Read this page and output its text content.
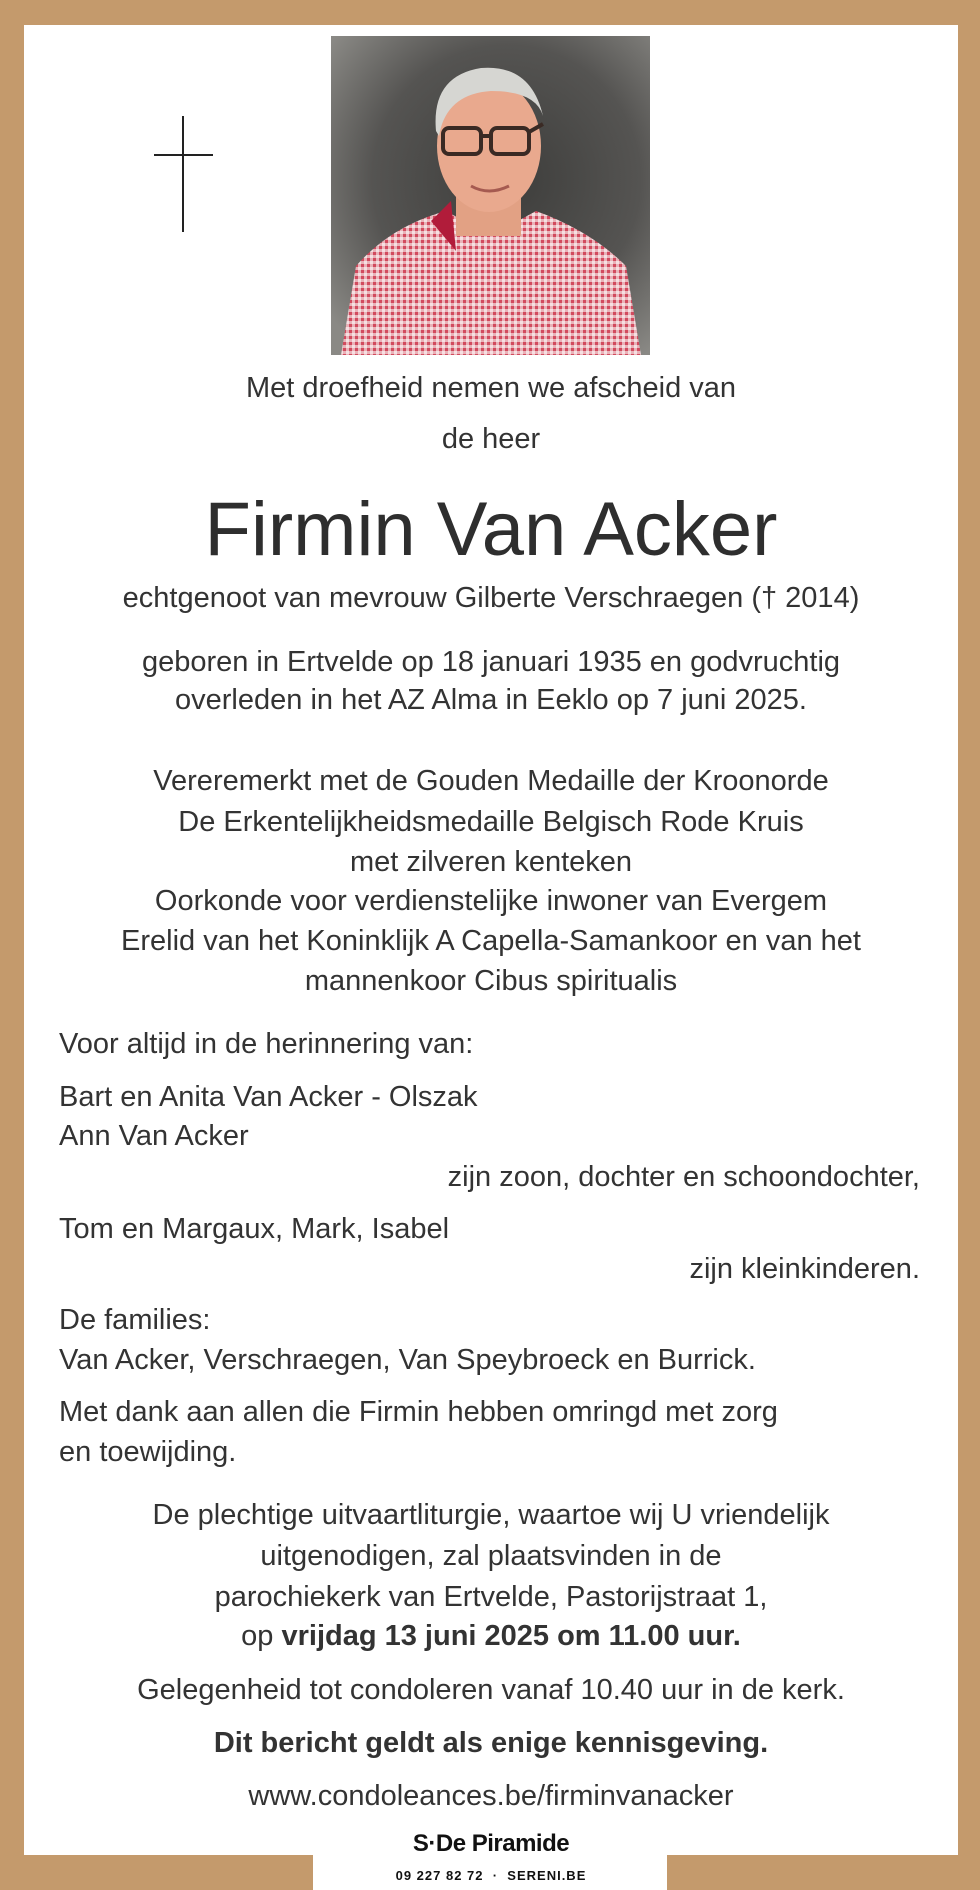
Met droefheid nemen we afscheid van
de heer
Firmin Van Acker
echtgenoot van mevrouw Gilberte Verschraegen († 2014)
geboren in Ertvelde op 18 januari 1935 en godvruchtig
overleden in het AZ Alma in Eeklo op 7 juni 2025.
Vereremerkt met de Gouden Medaille der Kroonorde
De Erkentelijkheidsmedaille Belgisch Rode Kruis
met zilveren kenteken
Oorkonde voor verdienstelijke inwoner van Evergem
Erelid van het Koninklijk A Capella-Samankoor en van het
mannenkoor Cibus spiritualis
Voor altijd in de herinnering van:
Bart en Anita Van Acker - Olszak
Ann Van Acker
zijn zoon, dochter en schoondochter,
Tom en Margaux, Mark, Isabel
zijn kleinkinderen.
De families:
Van Acker, Verschraegen, Van Speybroeck en Burrick.
Met dank aan allen die Firmin hebben omringd met zorg
en toewijding.
De plechtige uitvaartliturgie, waartoe wij U vriendelijk
uitgenodigen, zal plaatsvinden in de
parochiekerk van Ertvelde, Pastorijstraat 1,
op vrijdag 13 juni 2025 om 11.00 uur.
Gelegenheid tot condoleren vanaf 10.40 uur in de kerk.
Dit bericht geldt als enige kennisgeving.
www.condoleances.be/firminvanacker
S·De Piramide
09 227 82 72  ·  SERENI.BE
